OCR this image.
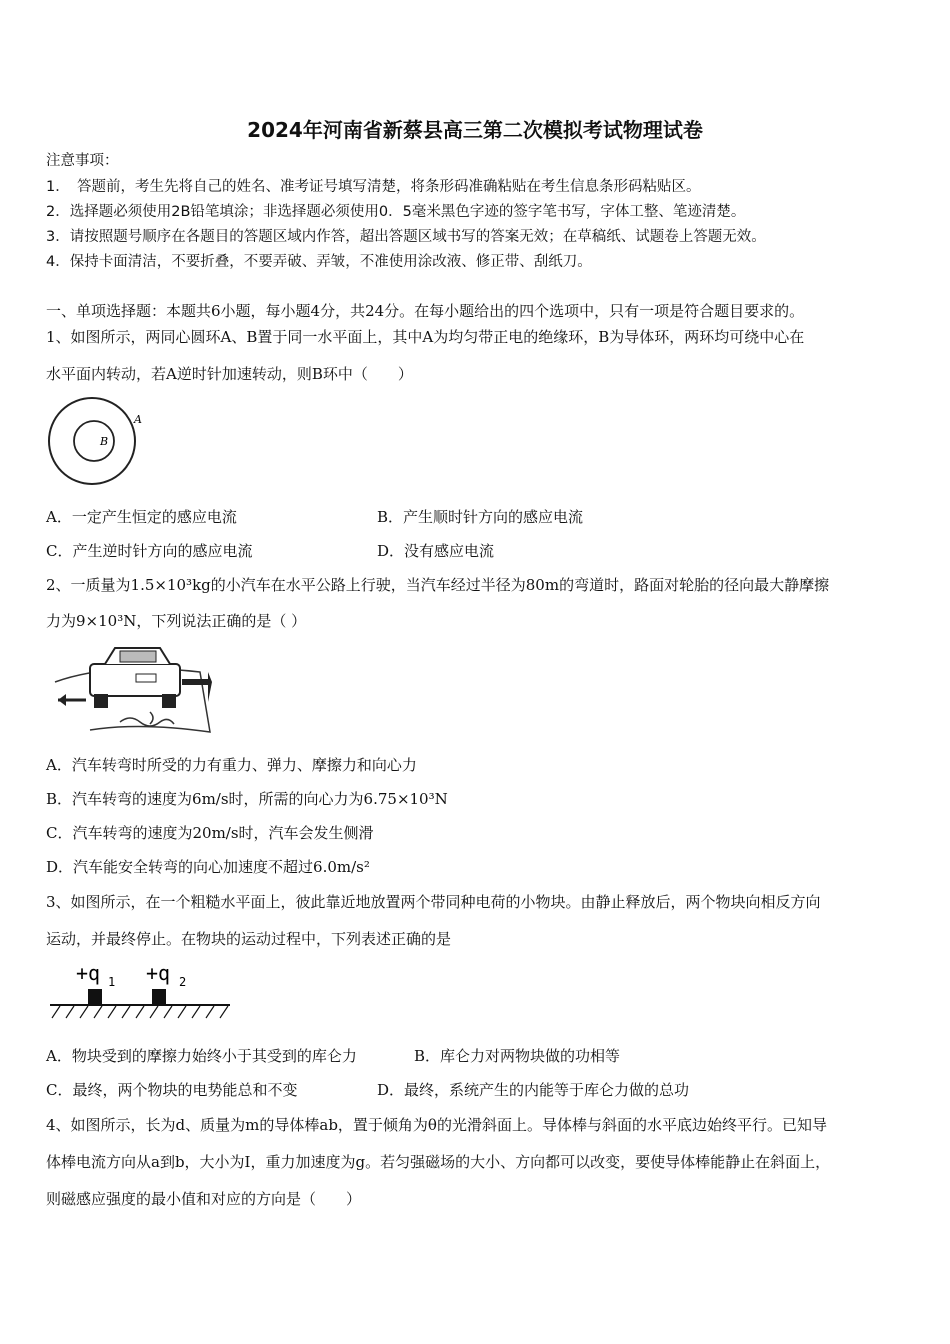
2024年河南省新蔡县高三第二次模拟考试物理试卷
注意事项：
1．　答题前，考生先将自己的姓名、准考证号填写清楚，将条形码准确粘贴在考生信息条形码粘贴区。
2．选择题必须使用2B铅笔填涂；非选择题必须使用0．5毫米黑色字迹的签字笔书写，字体工整、笔迹清楚。
3．请按照题号顺序在各题目的答题区域内作答，超出答题区域书写的答案无效；在草稿纸、试题卷上答题无效。
4．保持卡面清洁，不要折叠，不要弄破、弄皱，不准使用涂改液、修正带、刮纸刀。
一、单项选择题：本题共6小题，每小题4分，共24分。在每小题给出的四个选项中，只有一项是符合题目要求的。
1、如图所示，两同心圆环A、B置于同一水平面上，其中A为均匀带正电的绝缘环，B为导体环，两环均可绕中心在
水平面内转动，若A逆时针加速转动，则B环中（　　）
A
B
A．一定产生恒定的感应电流	B．产生顺时针方向的感应电流
C．产生逆时针方向的感应电流	D．没有感应电流
2、一质量为1.5×10³kg的小汽车在水平公路上行驶，当汽车经过半径为80m的弯道时，路面对轮胎的径向最大静摩擦
力为9×10³N，下列说法正确的是（ ）
A．汽车转弯时所受的力有重力、弹力、摩擦力和向心力
B．汽车转弯的速度为6m/s时，所需的向心力为6.75×10³N
C．汽车转弯的速度为20m/s时，汽车会发生侧滑
D．汽车能安全转弯的向心加速度不超过6.0m/s²
3、如图所示，在一个粗糙水平面上，彼此靠近地放置两个带同种电荷的小物块。由静止释放后，两个物块向相反方向
运动，并最终停止。在物块的运动过程中，下列表述正确的是
+q 1 +q 2
A．物块受到的摩擦力始终小于其受到的库仑力	B．库仑力对两物块做的功相等
C．最终，两个物块的电势能总和不变	D．最终，系统产生的内能等于库仑力做的总功
4、如图所示，长为d、质量为m的导体棒ab，置于倾角为θ的光滑斜面上。导体棒与斜面的水平底边始终平行。已知导
体棒电流方向从a到b，大小为I，重力加速度为g。若匀强磁场的大小、方向都可以改变，要使导体棒能静止在斜面上，
则磁感应强度的最小值和对应的方向是（　　）
